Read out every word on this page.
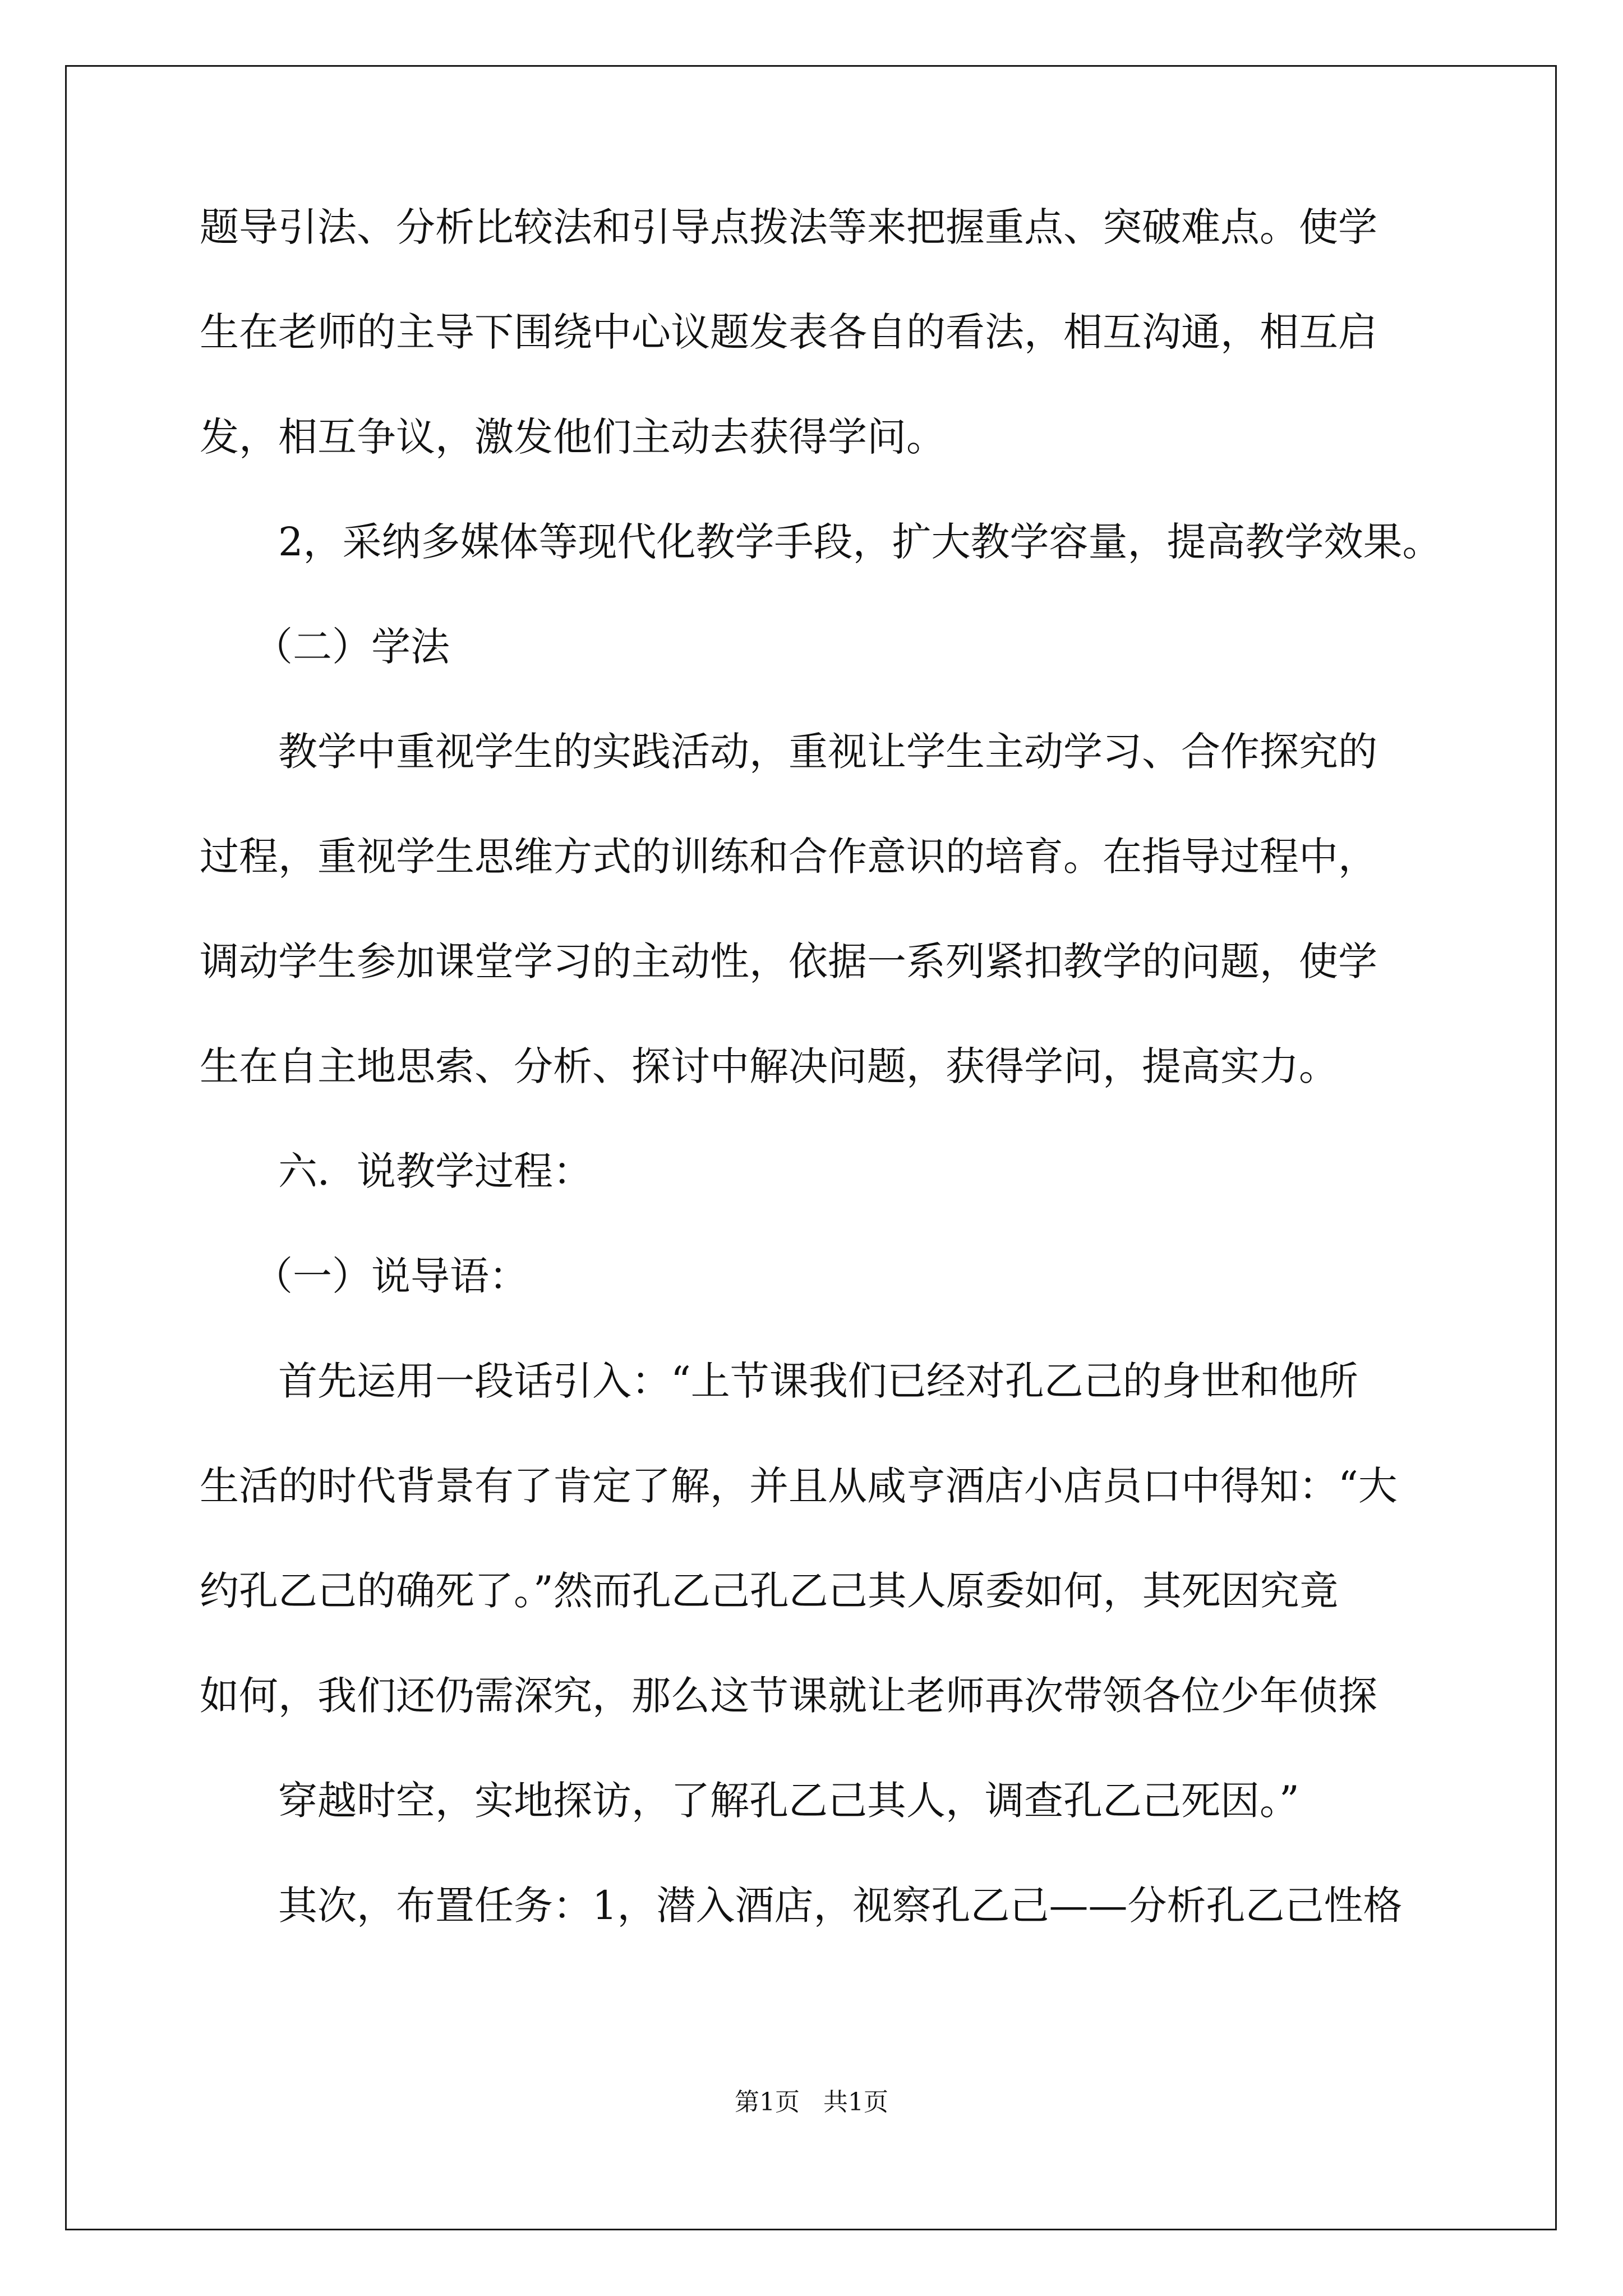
题导引法、分析比较法和引导点拨法等来把握重点、突破难点。使学
生在老师的主导下围绕中心议题发表各自的看法，相互沟通，相互启
发，相互争议，激发他们主动去获得学问。
2，采纳多媒体等现代化教学手段，扩大教学容量，提高教学效果。
（二）学法
教学中重视学生的实践活动，重视让学生主动学习、合作探究的
过程，重视学生思维方式的训练和合作意识的培育。在指导过程中，
调动学生参加课堂学习的主动性，依据一系列紧扣教学的问题，使学
生在自主地思索、分析、探讨中解决问题，获得学问，提高实力。
六．说教学过程：
（一）说导语：
首先运用一段话引入：“上节课我们已经对孔乙己的身世和他所
生活的时代背景有了肯定了解，并且从咸亨酒店小店员口中得知：“大
约孔乙己的确死了。”然而孔乙己孔乙己其人原委如何，其死因究竟
如何，我们还仍需深究，那么这节课就让老师再次带领各位少年侦探
穿越时空，实地探访，了解孔乙己其人，调查孔乙己死因。”
其次，布置任务：1，潜入酒店，视察孔乙己——分析孔乙己性格
第1页   共1页
